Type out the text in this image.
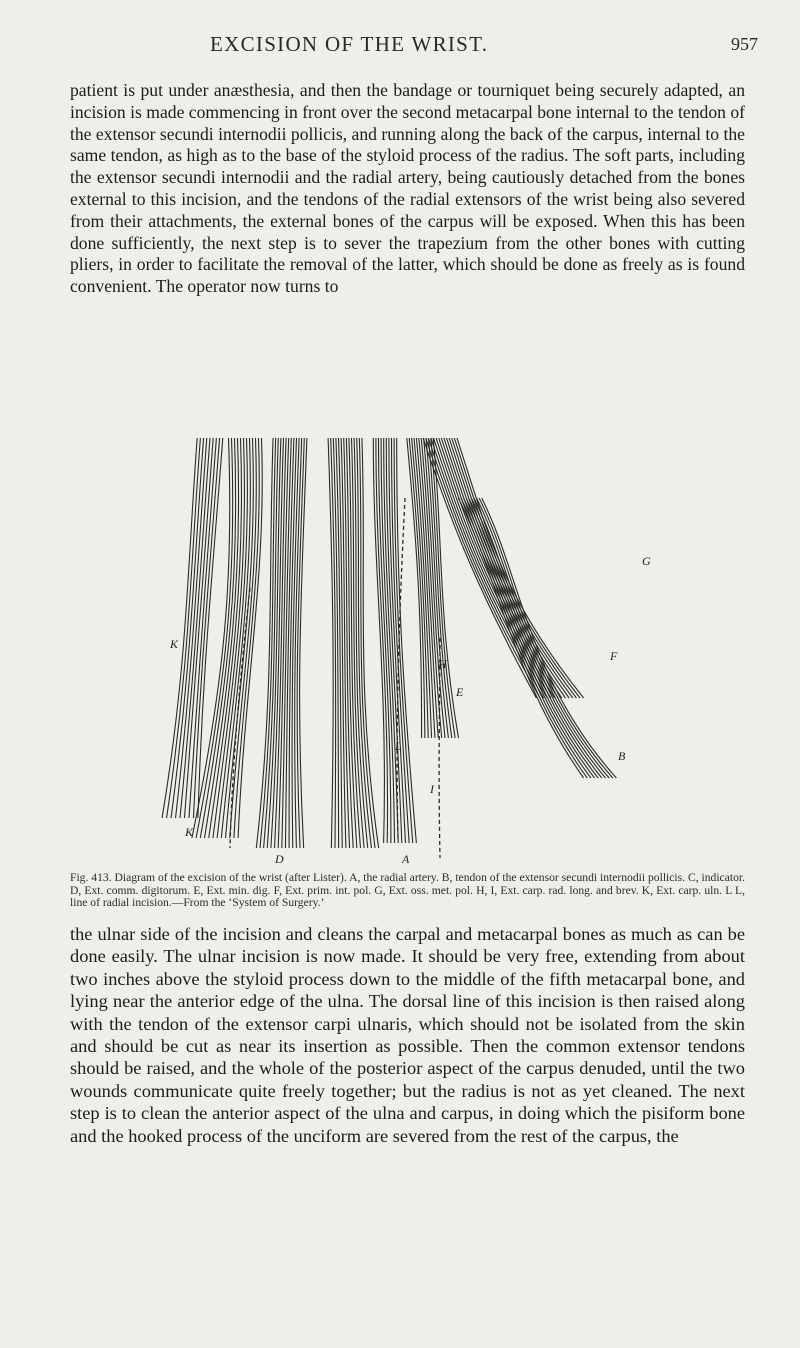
EXCISION OF THE WRIST.	957

patient is put under anæsthesia, and then the bandage or tourniquet being securely adapted, an incision is made commencing in front over the second metacarpal bone internal to the tendon of the extensor secundi internodii pollicis, and running along the back of the carpus, internal to the same tendon, as high as to the base of the styloid process of the radius. The soft parts, including the extensor secundi internodii and the radial artery, being cautiously detached from the bones external to this incision, and the tendons of the radial extensors of the wrist being also severed from their attachments, the external bones of the carpus will be exposed. When this has been done sufficiently, the next step is to sever the trapezium from the other bones with cutting pliers, in order to facilitate the removal of the latter, which should be done as freely as is found convenient. The operator now turns to

K
G
F
E
H
I
L
B
K
D	A

Fig. 413. Diagram of the excision of the wrist (after Lister). A, the radial artery. B, tendon of the extensor secundi internodii pollicis. C, indicator. D, Ext. comm. digitorum. E, Ext. min. dig. F, Ext. prim. int. pol. G, Ext. oss. met. pol. H, I, Ext. carp. rad. long. and brev. K, Ext. carp. uln. L L, line of radial incision.—From the ‘System of Surgery.’

the ulnar side of the incision and cleans the carpal and metacarpal bones as much as can be done easily. The ulnar incision is now made. It should be very free, extending from about two inches above the styloid process down to the middle of the fifth metacarpal bone, and lying near the anterior edge of the ulna. The dorsal line of this incision is then raised along with the tendon of the extensor carpi ulnaris, which should not be isolated from the skin and should be cut as near its insertion as possible. Then the common extensor tendons should be raised, and the whole of the posterior aspect of the carpus denuded, until the two wounds communicate quite freely together; but the radius is not as yet cleaned. The next step is to clean the anterior aspect of the ulna and carpus, in doing which the pisiform bone and the hooked process of the unciform are severed from the rest of the carpus, the
